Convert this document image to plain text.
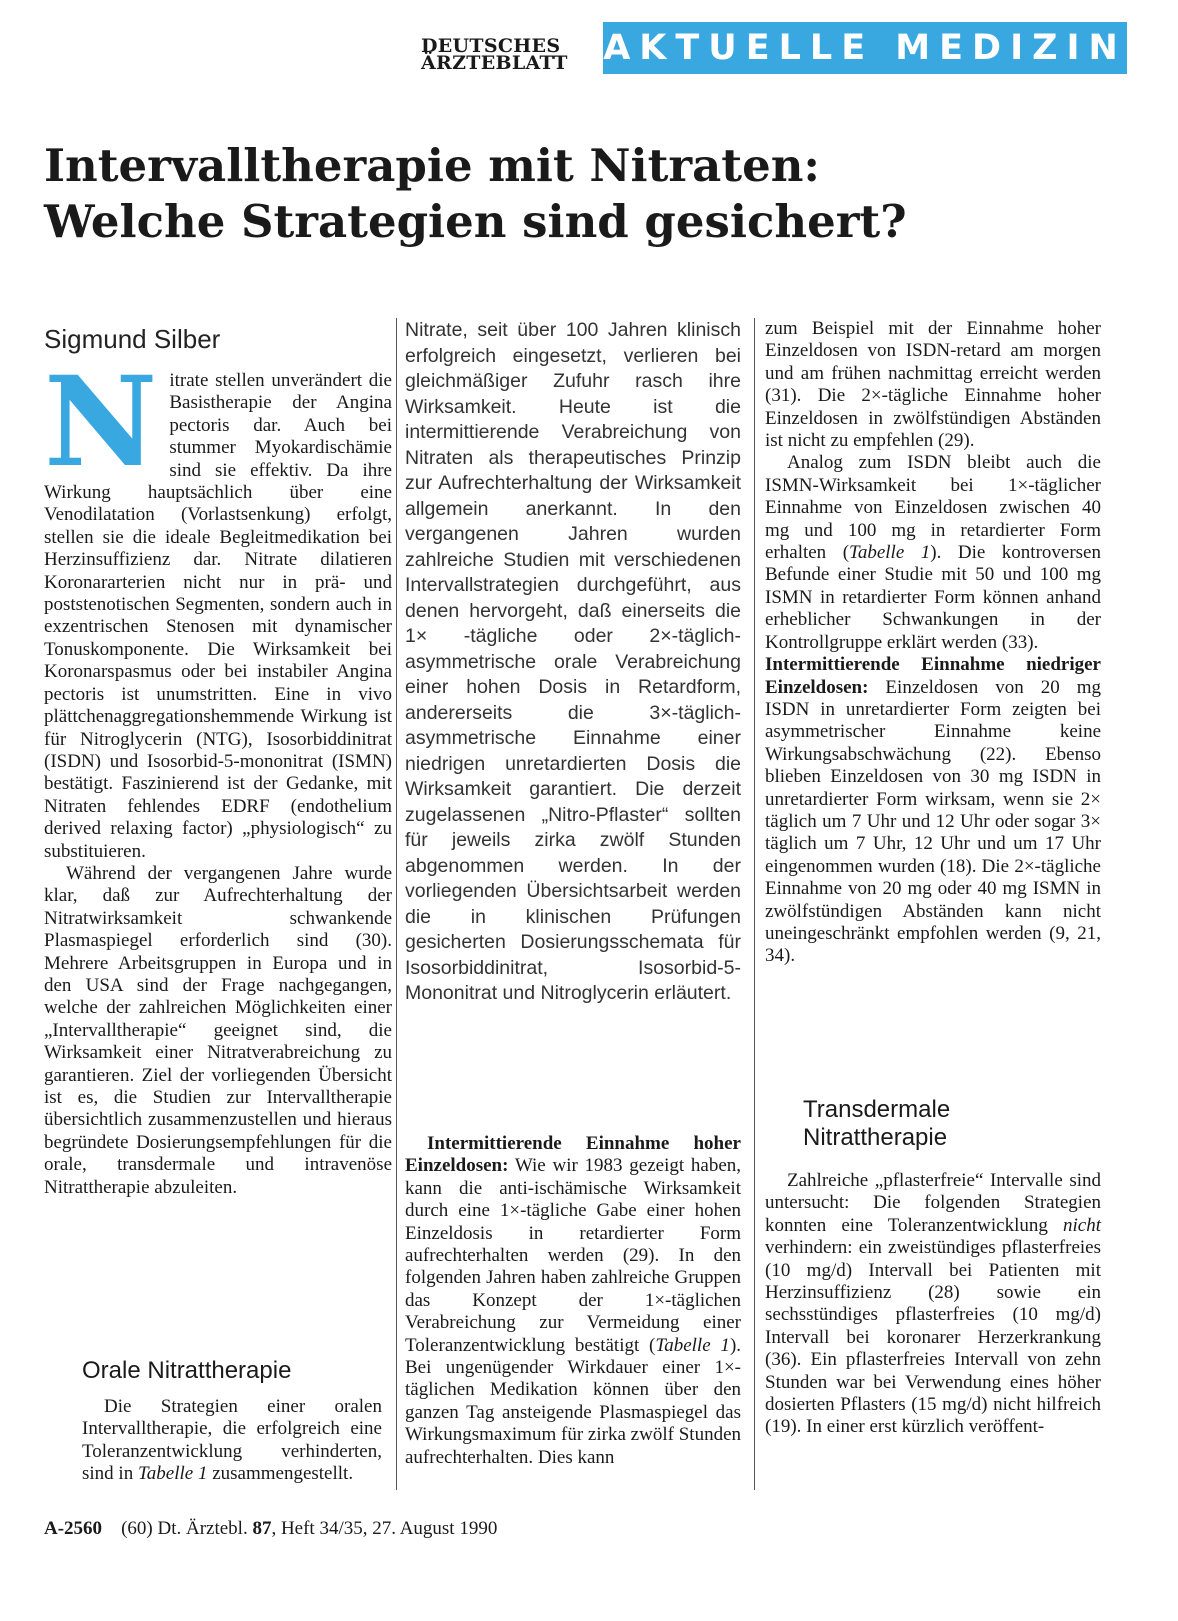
DEUTSCHES
ÄRZTEBLATT	AKTUELLE MEDIZIN
Intervalltherapie mit Nitraten:
Welche Strategien sind gesichert?
Sigmund Silber
N itrate stellen unverändert die Basistherapie der Angina pectoris dar. Auch bei stummer Myokardischämie sind sie effektiv. Da ihre Wirkung hauptsächlich über eine Venodilatation (Vorlastsenkung) erfolgt, stellen sie die ideale Begleitmedikation bei Herzinsuffizienz dar. Nitrate dilatieren Koronararterien nicht nur in prä- und poststenotischen Segmenten, sondern auch in exzentrischen Stenosen mit dynamischer Tonuskomponente. Die Wirksamkeit bei Koronarspasmus oder bei instabiler Angina pectoris ist unumstritten. Eine in vivo plättchenaggregationshemmende Wirkung ist für Nitroglycerin (NTG), Isosorbiddinitrat (ISDN) und Isosorbid-5-mononitrat (ISMN) bestätigt. Faszinierend ist der Gedanke, mit Nitraten fehlendes EDRF (endothelium derived relaxing factor) „physiologisch“ zu substituieren.

Während der vergangenen Jahre wurde klar, daß zur Aufrechterhaltung der Nitratwirksamkeit schwankende Plasmaspiegel erforderlich sind (30). Mehrere Arbeitsgruppen in Europa und in den USA sind der Frage nachgegangen, welche der zahlreichen Möglichkeiten einer „Intervalltherapie“ geeignet sind, die Wirksamkeit einer Nitratverabreichung zu garantieren. Ziel der vorliegenden Übersicht ist es, die Studien zur Intervalltherapie übersichtlich zusammenzustellen und hieraus begründete Dosierungsempfehlungen für die orale, transdermale und intravenöse Nitrattherapie abzuleiten.

Orale Nitrattherapie

Die Strategien einer oralen Intervalltherapie, die erfolgreich eine Toleranzentwicklung verhinderten, sind in Tabelle 1 zusammengestellt.

Nitrate, seit über 100 Jahren klinisch erfolgreich eingesetzt, verlieren bei gleichmäßiger Zufuhr rasch ihre Wirksamkeit. Heute ist die intermittierende Verabreichung von Nitraten als therapeutisches Prinzip zur Aufrechterhaltung der Wirksamkeit allgemein anerkannt. In den vergangenen Jahren wurden zahlreiche Studien mit verschiedenen Intervallstrategien durchgeführt, aus denen hervorgeht, daß einerseits die 1× -tägliche oder 2×-täglich-asymmetrische orale Verabreichung einer hohen Dosis in Retardform, andererseits die 3×-täglich-asymmetrische Einnahme einer niedrigen unretardierten Dosis die Wirksamkeit garantiert. Die derzeit zugelassenen „Nitro-Pflaster“ sollten für jeweils zirka zwölf Stunden abgenommen werden. In der vorliegenden Übersichtsarbeit werden die in klinischen Prüfungen gesicherten Dosierungsschemata für Isosorbiddinitrat, Isosorbid-5-Mononitrat und Nitroglycerin erläutert.

Intermittierende Einnahme hoher Einzeldosen: Wie wir 1983 gezeigt haben, kann die anti-ischämische Wirksamkeit durch eine 1×-tägliche Gabe einer hohen Einzeldosis in retardierter Form aufrechterhalten werden (29). In den folgenden Jahren haben zahlreiche Gruppen das Konzept der 1×-täglichen Verabreichung zur Vermeidung einer Toleranzentwicklung bestätigt (Tabelle 1). Bei ungenügender Wirkdauer einer 1×-täglichen Medikation können über den ganzen Tag ansteigende Plasmaspiegel das Wirkungsmaximum für zirka zwölf Stunden aufrechterhalten. Dies kann

zum Beispiel mit der Einnahme hoher Einzeldosen von ISDN-retard am morgen und am frühen nachmittag erreicht werden (31). Die 2×-tägliche Einnahme hoher Einzeldosen in zwölfstündigen Abständen ist nicht zu empfehlen (29).

Analog zum ISDN bleibt auch die ISMN-Wirksamkeit bei 1×-täglicher Einnahme von Einzeldosen zwischen 40 mg und 100 mg in retardierter Form erhalten (Tabelle 1). Die kontroversen Befunde einer Studie mit 50 und 100 mg ISMN in retardierter Form können anhand erheblicher Schwankungen in der Kontrollgruppe erklärt werden (33).

Intermittierende Einnahme niedriger Einzeldosen: Einzeldosen von 20 mg ISDN in unretardierter Form zeigten bei asymmetrischer Einnahme keine Wirkungsabschwächung (22). Ebenso blieben Einzeldosen von 30 mg ISDN in unretardierter Form wirksam, wenn sie 2× täglich um 7 Uhr und 12 Uhr oder sogar 3× täglich um 7 Uhr, 12 Uhr und um 17 Uhr eingenommen wurden (18). Die 2×-tägliche Einnahme von 20 mg oder 40 mg ISMN in zwölfstündigen Abständen kann nicht uneingeschränkt empfohlen werden (9, 21, 34).

Transdermale
Nitrattherapie

Zahlreiche „pflasterfreie“ Intervalle sind untersucht: Die folgenden Strategien konnten eine Toleranzentwicklung nicht verhindern: ein zweistündiges pflasterfreies (10 mg/d) Intervall bei Patienten mit Herzinsuffizienz (28) sowie ein sechsstündiges pflasterfreies (10 mg/d) Intervall bei koronarer Herzerkrankung (36). Ein pflasterfreies Intervall von zehn Stunden war bei Verwendung eines höher dosierten Pflasters (15 mg/d) nicht hilfreich (19). In einer erst kürzlich veröffent-

A-2560 (60) Dt. Ärztebl. 87, Heft 34/35, 27. August 1990
